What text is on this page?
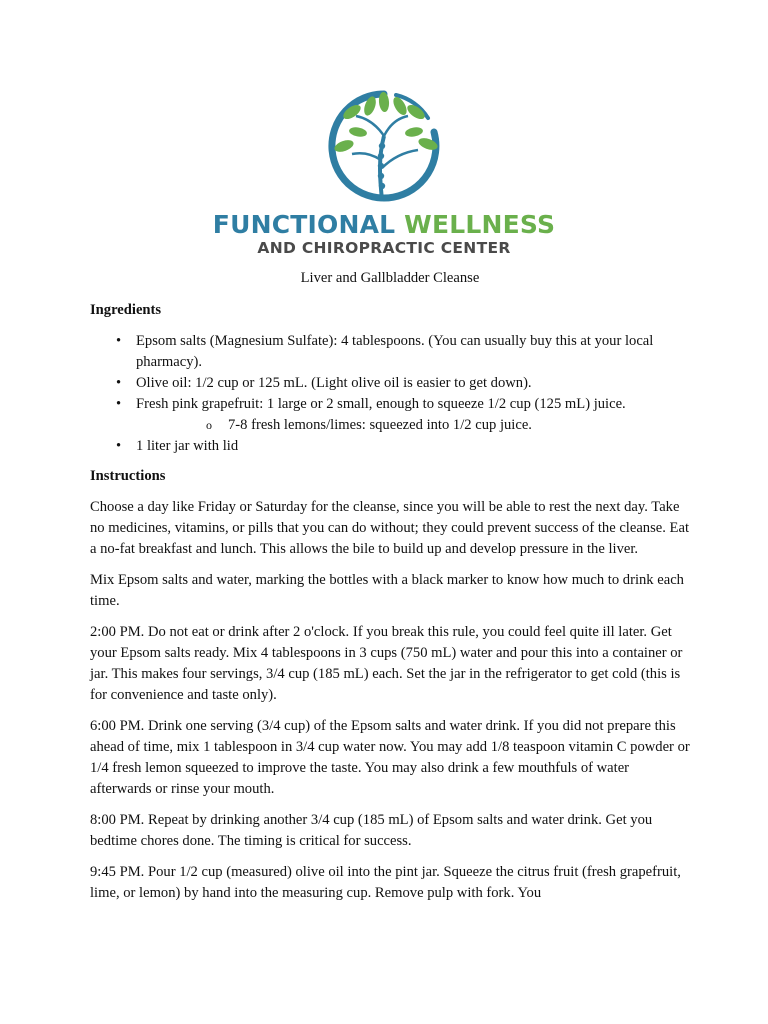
FUNCTIONAL WELLNESS
AND CHIROPRACTIC CENTER
Liver and Gallbladder Cleanse
Ingredients
• Epsom salts (Magnesium Sulfate): 4 tablespoons. (You can usually buy this at your local pharmacy).
• Olive oil: 1/2 cup or 125 mL. (Light olive oil is easier to get down).
• Fresh pink grapefruit: 1 large or 2 small, enough to squeeze 1/2 cup (125 mL) juice.
o 7-8 fresh lemons/limes: squeezed into 1/2 cup juice.
• 1 liter jar with lid
Instructions

Choose a day like Friday or Saturday for the cleanse, since you will be able to rest the next day. Take no medicines, vitamins, or pills that you can do without; they could prevent success of the cleanse. Eat a no-fat breakfast and lunch. This allows the bile to build up and develop pressure in the liver.

Mix Epsom salts and water, marking the bottles with a black marker to know how much to drink each time.

2:00 PM. Do not eat or drink after 2 o'clock. If you break this rule, you could feel quite ill later. Get your Epsom salts ready. Mix 4 tablespoons in 3 cups (750 mL) water and pour this into a container or jar. This makes four servings, 3/4 cup (185 mL) each. Set the jar in the refrigerator to get cold (this is for convenience and taste only).

6:00 PM. Drink one serving (3/4 cup) of the Epsom salts and water drink. If you did not prepare this ahead of time, mix 1 tablespoon in 3/4 cup water now. You may add 1/8 teaspoon vitamin C powder or 1/4 fresh lemon squeezed to improve the taste. You may also drink a few mouthfuls of water afterwards or rinse your mouth.

8:00 PM. Repeat by drinking another 3/4 cup (185 mL) of Epsom salts and water drink. Get you bedtime chores done. The timing is critical for success.

9:45 PM. Pour 1/2 cup (measured) olive oil into the pint jar. Squeeze the citrus fruit (fresh grapefruit, lime, or lemon) by hand into the measuring cup. Remove pulp with fork. You
